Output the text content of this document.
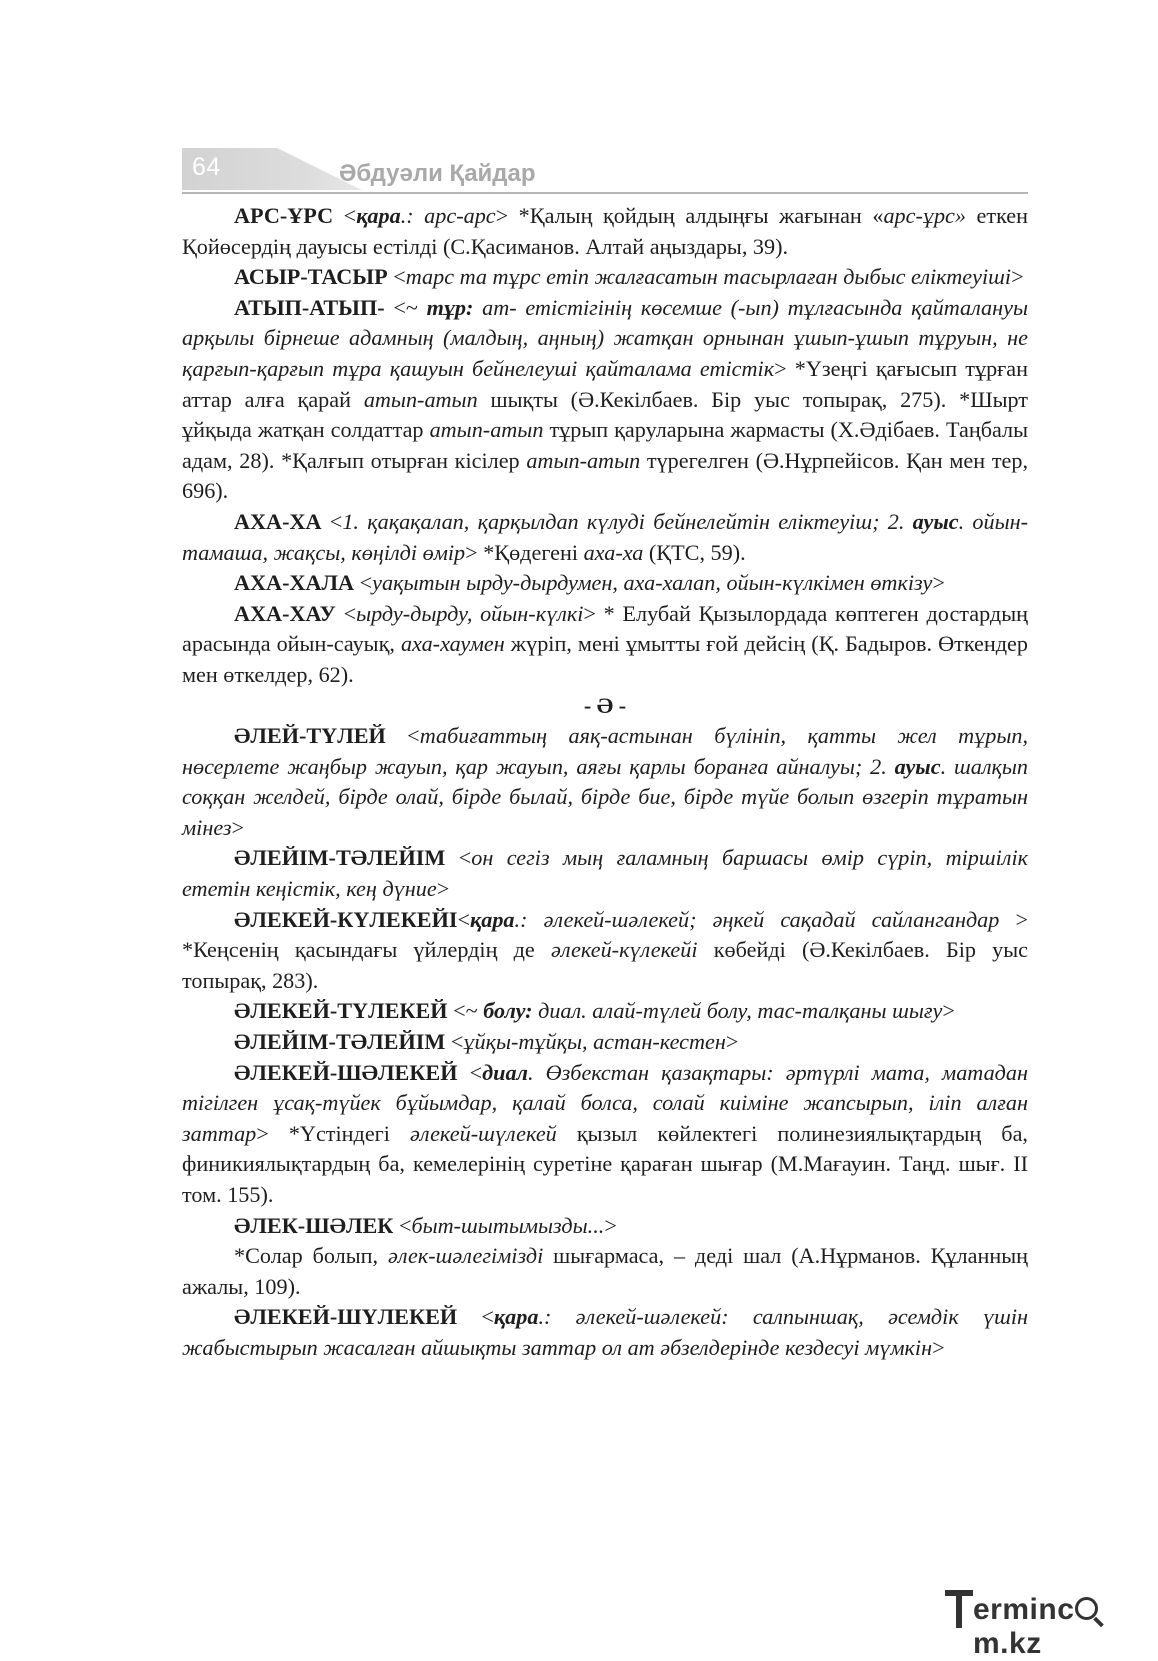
64	Әбдуәли Қайдар

АРС-ҰРС <қара.: арс-арс> *Қалың қойдың алдыңғы жағынан «арс-ұрс» еткен Қойөсердің дауысы естілді (С.Қасиманов. Алтай аңыздары, 39).

АСЫР-ТАСЫР <тарс та тұрс етіп жалғасатын тасырлаған дыбыс еліктеуіші>

АТЫП-АТЫП- <~ тұр: ат- етістігінің көсемше (-ып) тұлғасында қайталануы арқылы бірнеше адамның (малдың, аңның) жатқан орнынан ұшып-ұшып тұруын, не қарғып-қарғып тұра қашуын бейнелеуші қайталама етістік> *Үзеңгі қағысып тұрған аттар алға қарай атып-атып шықты (Ә.Кекілбаев. Бір уыс топырақ, 275). *Шырт ұйқыда жатқан солдаттар атып-атып тұрып қаруларына жармасты (Х.Әдібаев. Таңбалы адам, 28). *Қалғып отырған кісілер атып-атып түрегелген (Ә.Нұрпейісов. Қан мен тер, 696).

АХА-ХА <1. қақақалап, қарқылдап күлуді бейнелейтін еліктеуіш; 2. ауыс. ойын-тамаша, жақсы, көңілді өмір> *Қөдегені аха-ха (ҚТС, 59).

АХА-ХАЛА <уақытын ырду-дырдумен, аха-халап, ойын-күлкімен өткізу>

АХА-ХАУ <ырду-дырду, ойын-күлкі> * Елубай Қызылордада көптеген достардың арасында ойын-сауық, аха-хаумен жүріп, мені ұмытты ғой дейсің (Қ. Бадыров. Өткендер мен өткелдер, 62).

- Ә -

ӘЛЕЙ-ТҮЛЕЙ <табиғаттың аяқ-астынан бүлініп, қатты жел тұрып, нөсерлете жаңбыр жауып, қар жауып, аяғы қарлы боранға айналуы; 2. ауыс. шалқып соққан желдей, бірде олай, бірде былай, бірде бие, бірде түйе болып өзгеріп тұратын мінез>

ӘЛЕЙІМ-ТӘЛЕЙІМ <он сегіз мың ғаламның баршасы өмір сүріп, тіршілік ететін кеңістік, кең дүние>

ӘЛЕКЕЙ-КҮЛЕКЕЙІ<қара.: әлекей-шәлекей; әңкей сақадай сайлангандар > *Кеңсенің қасындағы үйлердің де әлекей-күлекейі көбейді (Ә.Кекілбаев. Бір уыс топырақ, 283).

ӘЛЕКЕЙ-ТҮЛЕКЕЙ <~ болу: диал. алай-түлей болу, тас-талқаны шығу>

ӘЛЕЙІМ-ТӘЛЕЙІМ <ұйқы-тұйқы, астан-кестен>

ӘЛЕКЕЙ-ШӘЛЕКЕЙ <диал. Өзбекстан қазақтары: әртүрлі мата, матадан тігілген ұсақ-түйек бұйымдар, қалай болса, солай киіміне жапсырып, іліп алған заттар> *Үстіндегі әлекей-шүлекей қызыл көйлектегі полинезиялықтардың ба, финикиялықтардың ба, кемелерінің суретіне қараған шығар (М.Мағауин. Таңд. шығ. ІІ том. 155).

ӘЛЕК-ШӘЛЕК <быт-шытымызды...>

*Солар болып, әлек-шәлегімізді шығармаса, – деді шал (А.Нұрманов. Құланның ажалы, 109).

ӘЛЕКЕЙ-ШҮЛЕКЕЙ <қара.: әлекей-шәлекей: салпыншақ, әсемдік үшін жабыстырып жасалған айшықты заттар ол ат әбзелдерінде кездесуі мүмкін>

ermincm.kz
